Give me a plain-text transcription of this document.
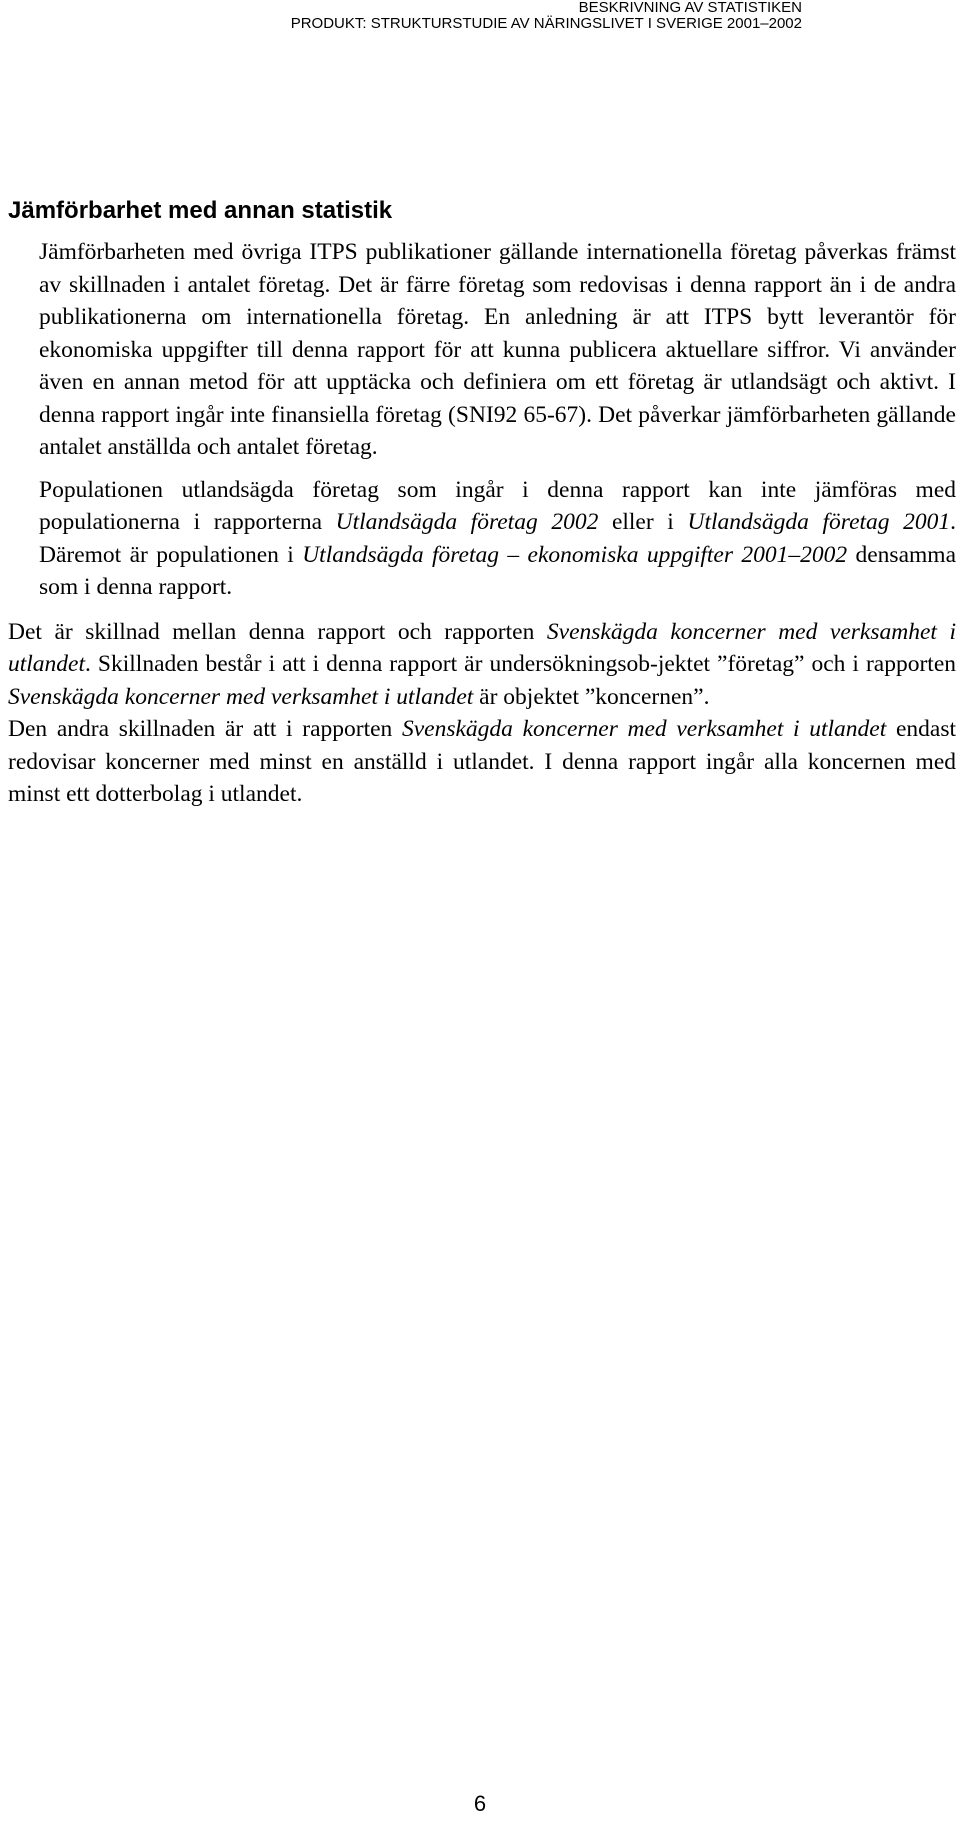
BESKRIVNING AV STATISTIKEN
PRODUKT: STRUKTURSTUDIE AV NÄRINGSLIVET I SVERIGE 2001–2002
Jämförbarhet med annan statistik

Jämförbarheten med övriga ITPS publikationer gällande internationella företag påverkas främst av skillnaden i antalet företag. Det är färre företag som redovisas i denna rapport än i de andra publikationerna om internationella företag. En anledning är att ITPS bytt leverantör för ekonomiska uppgifter till denna rapport för att kunna publicera aktuellare siffror. Vi använder även en annan metod för att upptäcka och definiera om ett företag är utlandsägt och aktivt. I denna rapport ingår inte finansiella företag (SNI92 65-67). Det påverkar jämförbarheten gällande antalet anställda och antalet företag.

Populationen utlandsägda företag som ingår i denna rapport kan inte jämföras med populationerna i rapporterna Utlandsägda företag 2002 eller i Utlandsägda företag 2001. Däremot är populationen i Utlandsägda företag – ekonomiska uppgifter 2001–2002 densamma som i denna rapport.

Det är skillnad mellan denna rapport och rapporten Svenskägda koncerner med verksamhet i utlandet. Skillnaden består i att i denna rapport är undersökningsob-jektet ”företag” och i rapporten Svenskägda koncerner med verksamhet i utlandet är objektet ”koncernen”.

Den andra skillnaden är att i rapporten Svenskägda koncerner med verksamhet i utlandet endast redovisar koncerner med minst en anställd i utlandet. I denna rapport ingår alla koncernen med minst ett dotterbolag i utlandet.

6
